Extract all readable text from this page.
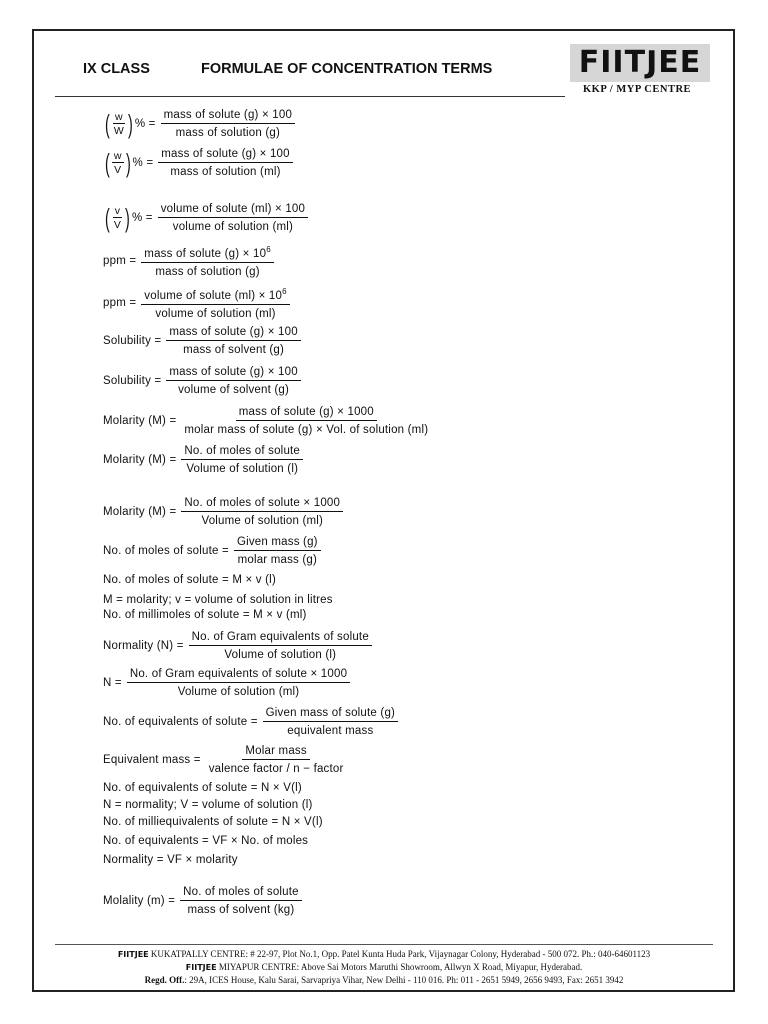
IX CLASS	FORMULAE OF CONCENTRATION TERMS	FIITJEE
KKP / MYP CENTRE
( w
W ) % = $\frac{\text{mass of solute (g) × 100}}{\text{mass of solution (g)}}$
( w
V ) % = $\frac{\text{mass of solute (g) × 100}}{\text{mass of solution (ml)}}$
( v
V ) % = $\frac{\text{volume of solute (ml) × 100}}{\text{volume of solution (ml)}}$
ppm = $\frac{mass of solute (g) \times 10^6}{\text{mass of solution (g)}}$
ppm = $\frac{volume of solute (ml) \times 10^6}{\text{volume of solution (ml)}}$
Solubility = $\frac{\text{mass of solute (g) × 100}}{\text{mass of solvent (g)}}$
Solubility = $\frac{\text{mass of solute (g) × 100}}{\text{volume of solvent (g)}}$
Molarity $(M) = \frac{\text{mass of solute (g) × 1000}}{\text{molar mass of solute (g) × Vol. of solution (ml)}}$
Molarity $(M) = \frac{\text{No. of moles of solute}}{\text{Volume of solution (l)}}$
Molarity $(M) = \frac{\text{No. of moles of solute × 1000}}{\text{Volume of solution (ml)}}$
No. of moles of solute = $\frac{\text{Given mass (g)}}{\text{molar mass (g)}}$
No. of moles of solute = M × v (l)
M = molarity; v = volume of solution in litres
No. of millimoles of solute = M × v (ml)
Normality $(N) = \frac{\text{No. of Gram equivalents of solute}}{\text{Volume of solution (l)}}$
$N = \frac{\text{No. of Gram equivalents of solute × 1000}}{\text{Volume of solution (ml)}}$
No. of equivalents of solute = $\frac{\text{Given mass of solute (g)}}{\text{equivalent mass}}$
Equivalent mass = $\frac{\text{Molar mass}}{\text{valence factor / n − factor}}$
No. of equivalents of solute = N × V(l)
N = normality; V = volume of solution (l)
No. of milliequivalents of solute = N × V(l)
No. of equivalents = VF × No. of moles
Normality = VF × molarity
Molality $(m) = \frac{\text{No. of moles of solute}}{\text{mass of solvent (kg)}}$
FIITJEE KUKATPALLY CENTRE: # 22-97, Plot No.1, Opp. Patel Kunta Huda Park, Vijaynagar Colony, Hyderabad - 500 072. Ph.: 040-64601123
FIITJEE MIYAPUR CENTRE: Above Sai Motors Maruthi Showroom, Allwyn X Road, Miyapur, Hyderabad.
Regd. Off.: 29A, ICES House, Kalu Sarai, Sarvapriya Vihar, New Delhi - 110 016. Ph: 011 - 2651 5949, 2656 9493, Fax: 2651 3942
